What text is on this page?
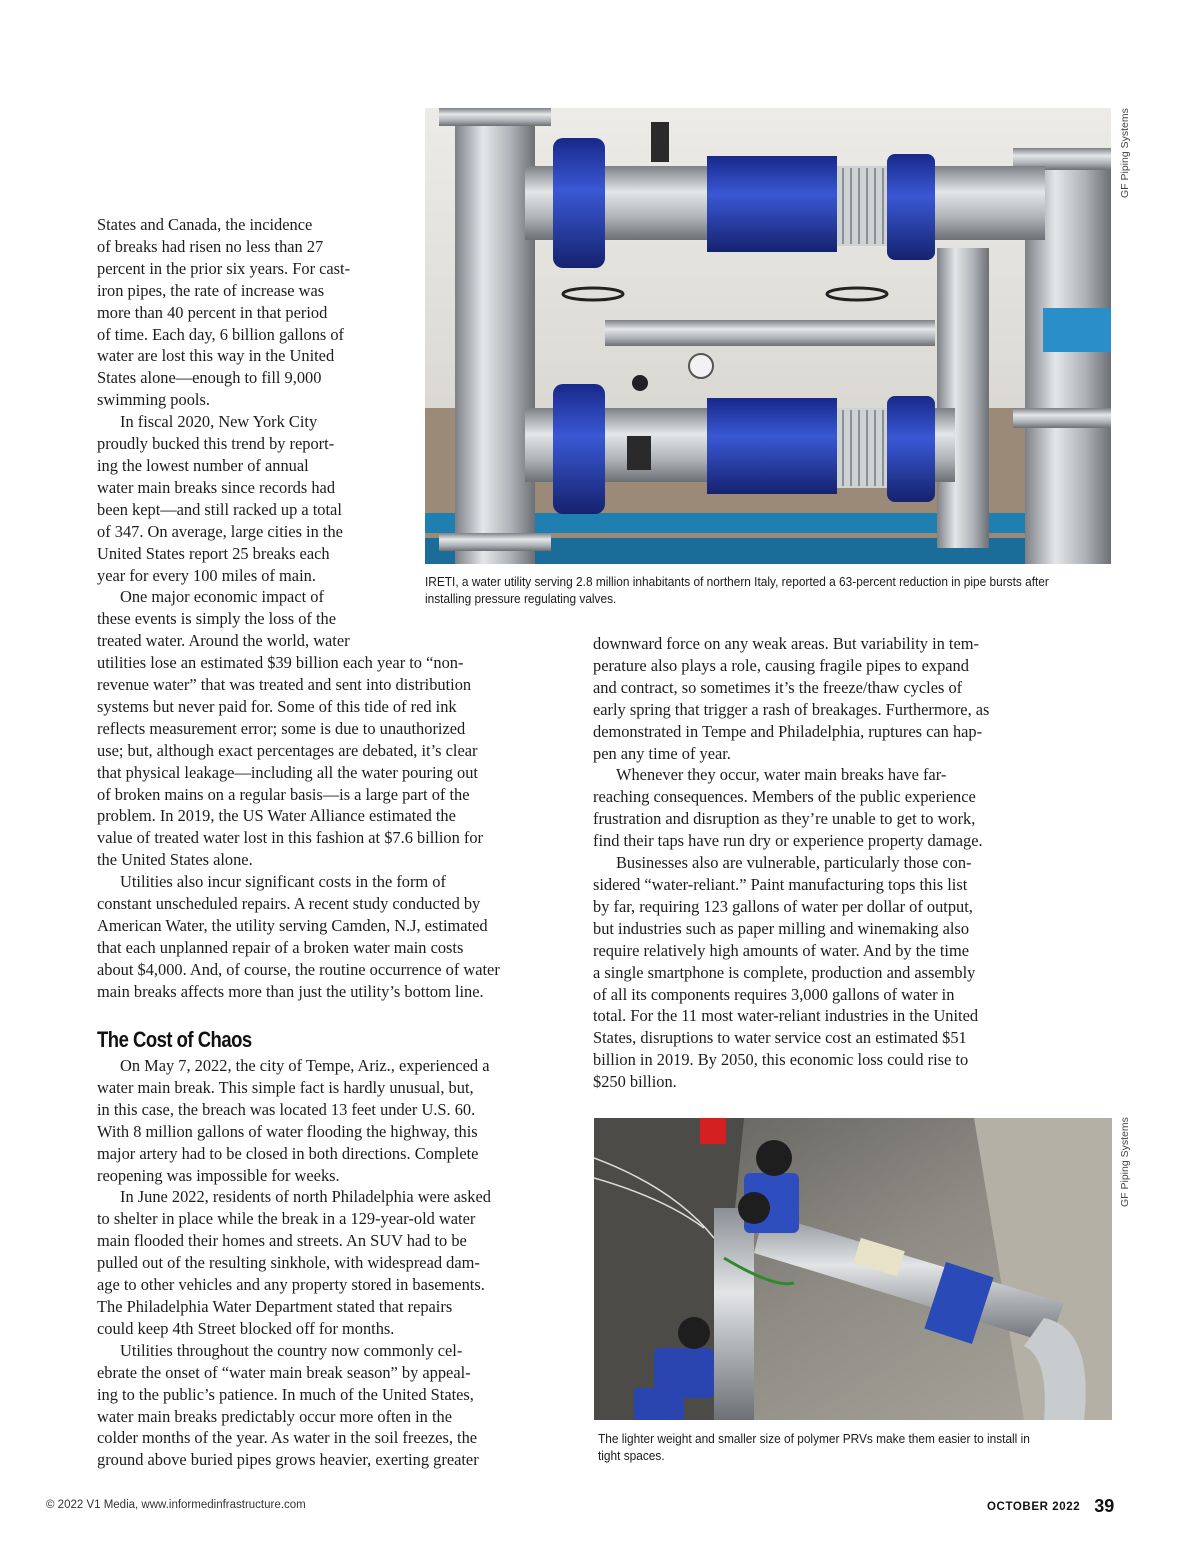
GF Piping Systems
IRETI, a water utility serving 2.8 million inhabitants of northern Italy, reported a 63-percent reduction in pipe bursts after
installing pressure regulating valves.
States and Canada, the incidence
of breaks had risen no less than 27
percent in the prior six years. For cast-
iron pipes, the rate of increase was
more than 40 percent in that period
of time. Each day, 6 billion gallons of
water are lost this way in the United
States alone—enough to fill 9,000
swimming pools.
In fiscal 2020, New York City
proudly bucked this trend by report-
ing the lowest number of annual
water main breaks since records had
been kept—and still racked up a total
of 347. On average, large cities in the
United States report 25 breaks each
year for every 100 miles of main.
One major economic impact of
these events is simply the loss of the
treated water. Around the world, water
utilities lose an estimated $39 billion each year to “non-
revenue water” that was treated and sent into distribution
systems but never paid for. Some of this tide of red ink
reflects measurement error; some is due to unauthorized
use; but, although exact percentages are debated, it’s clear
that physical leakage—including all the water pouring out
of broken mains on a regular basis—is a large part of the
problem. In 2019, the US Water Alliance estimated the
value of treated water lost in this fashion at $7.6 billion for
the United States alone.
Utilities also incur significant costs in the form of
constant unscheduled repairs. A recent study conducted by
American Water, the utility serving Camden, N.J, estimated
that each unplanned repair of a broken water main costs
about $4,000. And, of course, the routine occurrence of water
main breaks affects more than just the utility’s bottom line.
The Cost of Chaos
On May 7, 2022, the city of Tempe, Ariz., experienced a
water main break. This simple fact is hardly unusual, but,
in this case, the breach was located 13 feet under U.S. 60.
With 8 million gallons of water flooding the highway, this
major artery had to be closed in both directions. Complete
reopening was impossible for weeks.
In June 2022, residents of north Philadelphia were asked
to shelter in place while the break in a 129-year-old water
main flooded their homes and streets. An SUV had to be
pulled out of the resulting sinkhole, with widespread dam-
age to other vehicles and any property stored in basements.
The Philadelphia Water Department stated that repairs
could keep 4th Street blocked off for months.
Utilities throughout the country now commonly cel-
ebrate the onset of “water main break season” by appeal-
ing to the public’s patience. In much of the United States,
water main breaks predictably occur more often in the
colder months of the year. As water in the soil freezes, the
ground above buried pipes grows heavier, exerting greater
downward force on any weak areas. But variability in tem-
perature also plays a role, causing fragile pipes to expand
and contract, so sometimes it’s the freeze/thaw cycles of
early spring that trigger a rash of breakages. Furthermore, as
demonstrated in Tempe and Philadelphia, ruptures can hap-
pen any time of year.
Whenever they occur, water main breaks have far-
reaching consequences. Members of the public experience
frustration and disruption as they’re unable to get to work,
find their taps have run dry or experience property damage.
Businesses also are vulnerable, particularly those con-
sidered “water-reliant.” Paint manufacturing tops this list
by far, requiring 123 gallons of water per dollar of output,
but industries such as paper milling and winemaking also
require relatively high amounts of water. And by the time
a single smartphone is complete, production and assembly
of all its components requires 3,000 gallons of water in
total. For the 11 most water-reliant industries in the United
States, disruptions to water service cost an estimated $51
billion in 2019. By 2050, this economic loss could rise to
$250 billion.
GF Piping Systems
The lighter weight and smaller size of polymer PRVs make them easier to install in
tight spaces.
© 2022 V1 Media, www.informedinfrastructure.com	OCTOBER 2022 39
